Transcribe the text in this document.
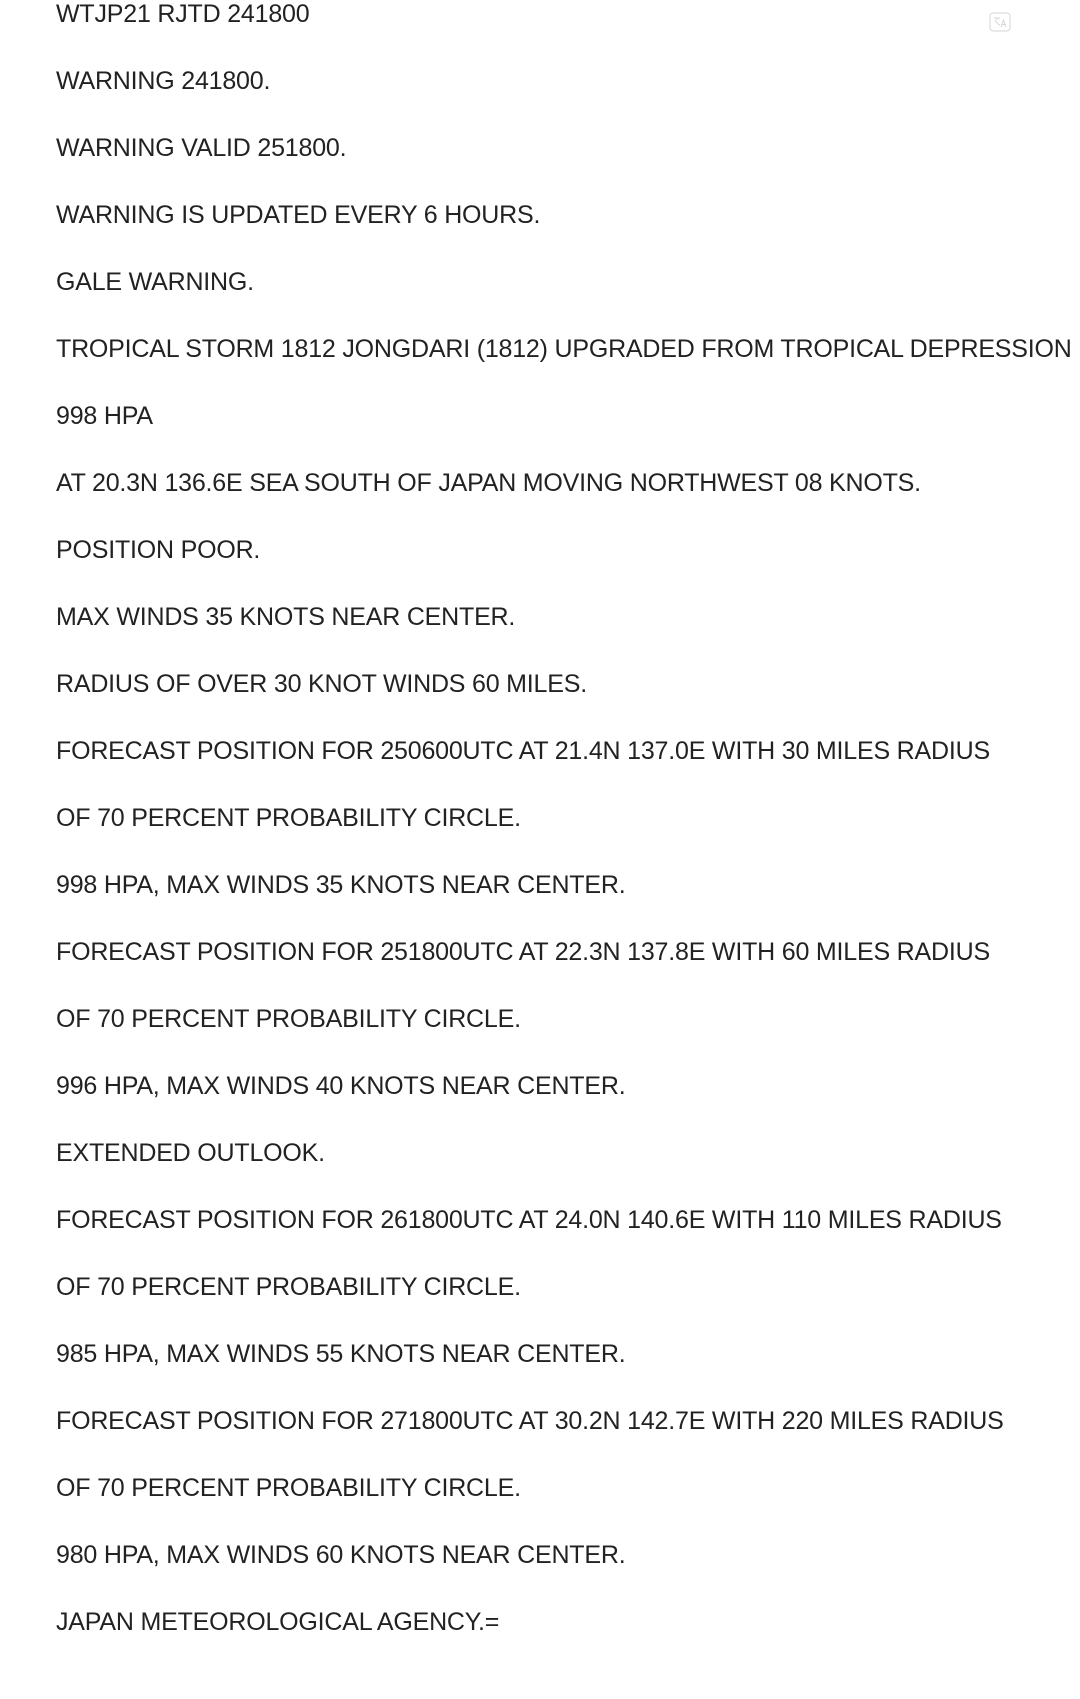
WTJP21 RJTD 241800
WARNING 241800.
WARNING VALID 251800.
WARNING IS UPDATED EVERY 6 HOURS.
GALE WARNING.
TROPICAL STORM 1812 JONGDARI (1812) UPGRADED FROM TROPICAL DEPRESSION
998 HPA
AT 20.3N 136.6E SEA SOUTH OF JAPAN MOVING NORTHWEST 08 KNOTS.
POSITION POOR.
MAX WINDS 35 KNOTS NEAR CENTER.
RADIUS OF OVER 30 KNOT WINDS 60 MILES.
FORECAST POSITION FOR 250600UTC AT 21.4N 137.0E WITH 30 MILES RADIUS
OF 70 PERCENT PROBABILITY CIRCLE.
998 HPA, MAX WINDS 35 KNOTS NEAR CENTER.
FORECAST POSITION FOR 251800UTC AT 22.3N 137.8E WITH 60 MILES RADIUS
OF 70 PERCENT PROBABILITY CIRCLE.
996 HPA, MAX WINDS 40 KNOTS NEAR CENTER.
EXTENDED OUTLOOK.
FORECAST POSITION FOR 261800UTC AT 24.0N 140.6E WITH 110 MILES RADIUS
OF 70 PERCENT PROBABILITY CIRCLE.
985 HPA, MAX WINDS 55 KNOTS NEAR CENTER.
FORECAST POSITION FOR 271800UTC AT 30.2N 142.7E WITH 220 MILES RADIUS
OF 70 PERCENT PROBABILITY CIRCLE.
980 HPA, MAX WINDS 60 KNOTS NEAR CENTER.
JAPAN METEOROLOGICAL AGENCY.=
